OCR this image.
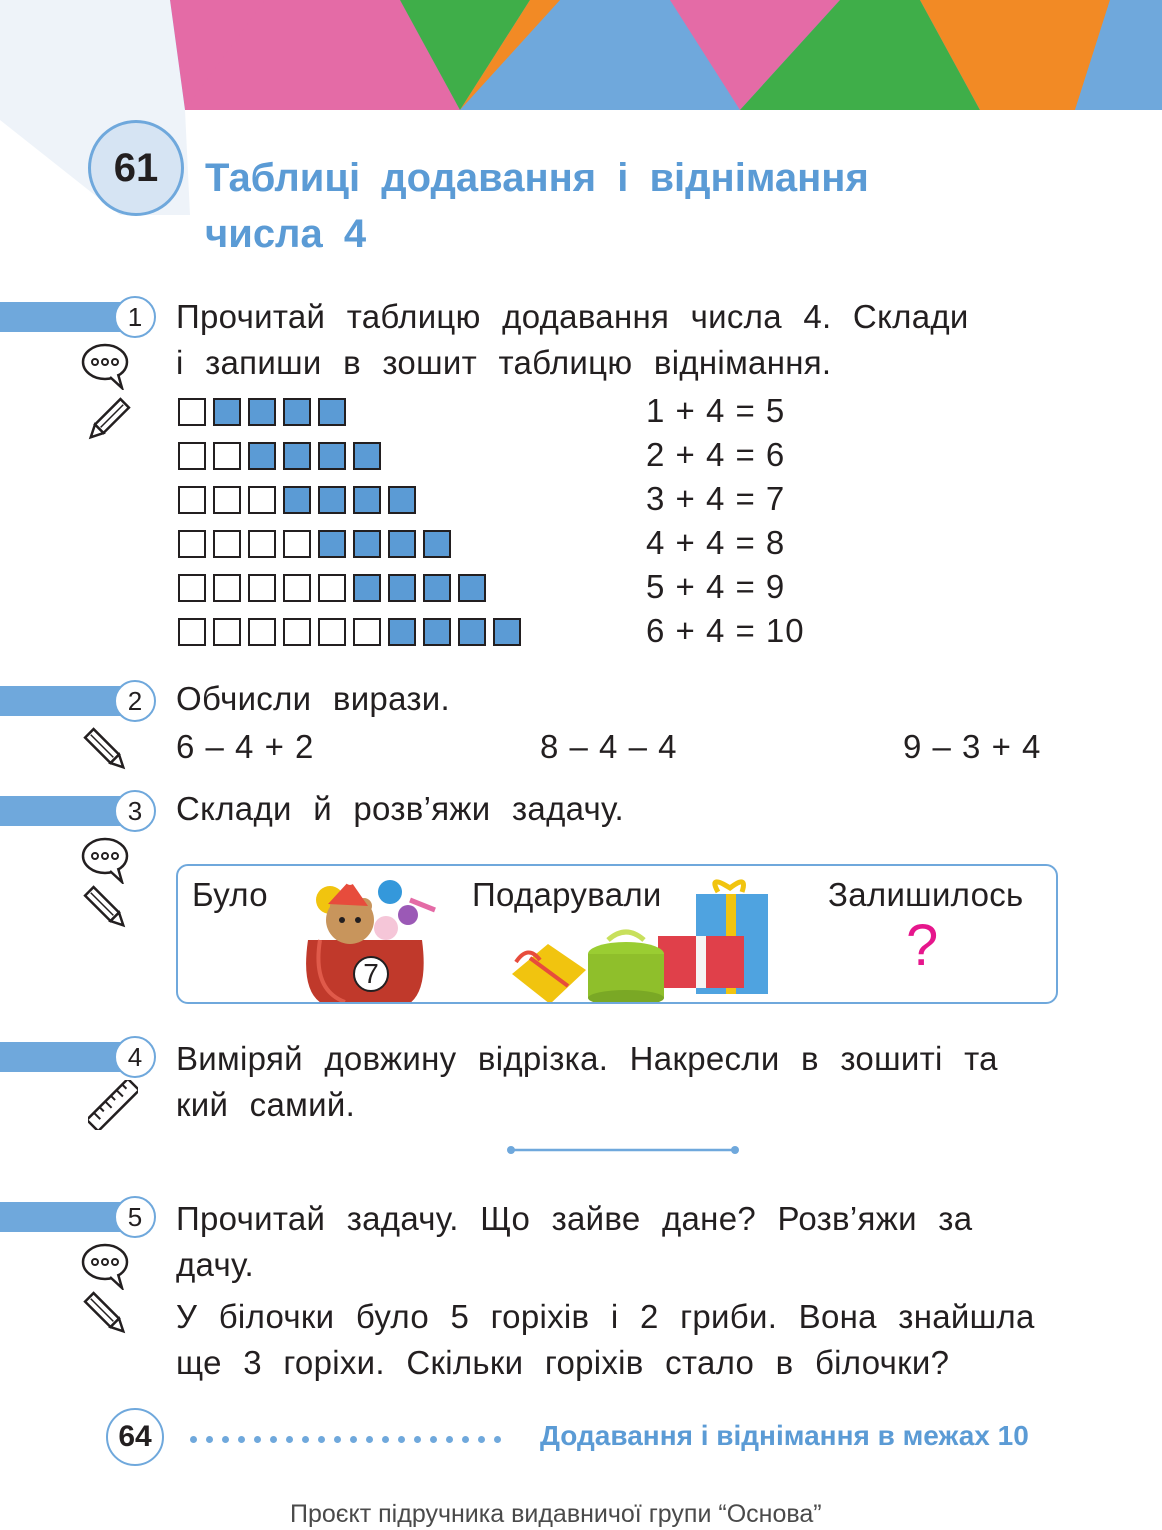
61	Таблиці додавання і віднімання
числа 4
1	Прочитай таблицю додавання числа 4. Склади
і запиши в зошит таблицю віднімання.
1 + 4 = 5
2 + 4 = 6
3 + 4 = 7
4 + 4 = 8
5 + 4 = 9
6 + 4 = 10
2	Обчисли вирази.
6 – 4 + 2	8 – 4 – 4	9 – 3 + 4
3	Склади й розв’яжи задачу.
Було	Подарували	Залишилось
7	?
4	Виміряй довжину відрізка. Накресли в зошиті та
кий самий.
5	Прочитай задачу. Що зайве дане? Розв’яжи за
дачу.
У білочки було 5 горіхів і 2 гриби. Вона знайшла
ще 3 горіхи. Скільки горіхів стало в білочки?
64	Додавання і віднімання в межах 10
Проєкт підручника видавничої групи “Основа”
